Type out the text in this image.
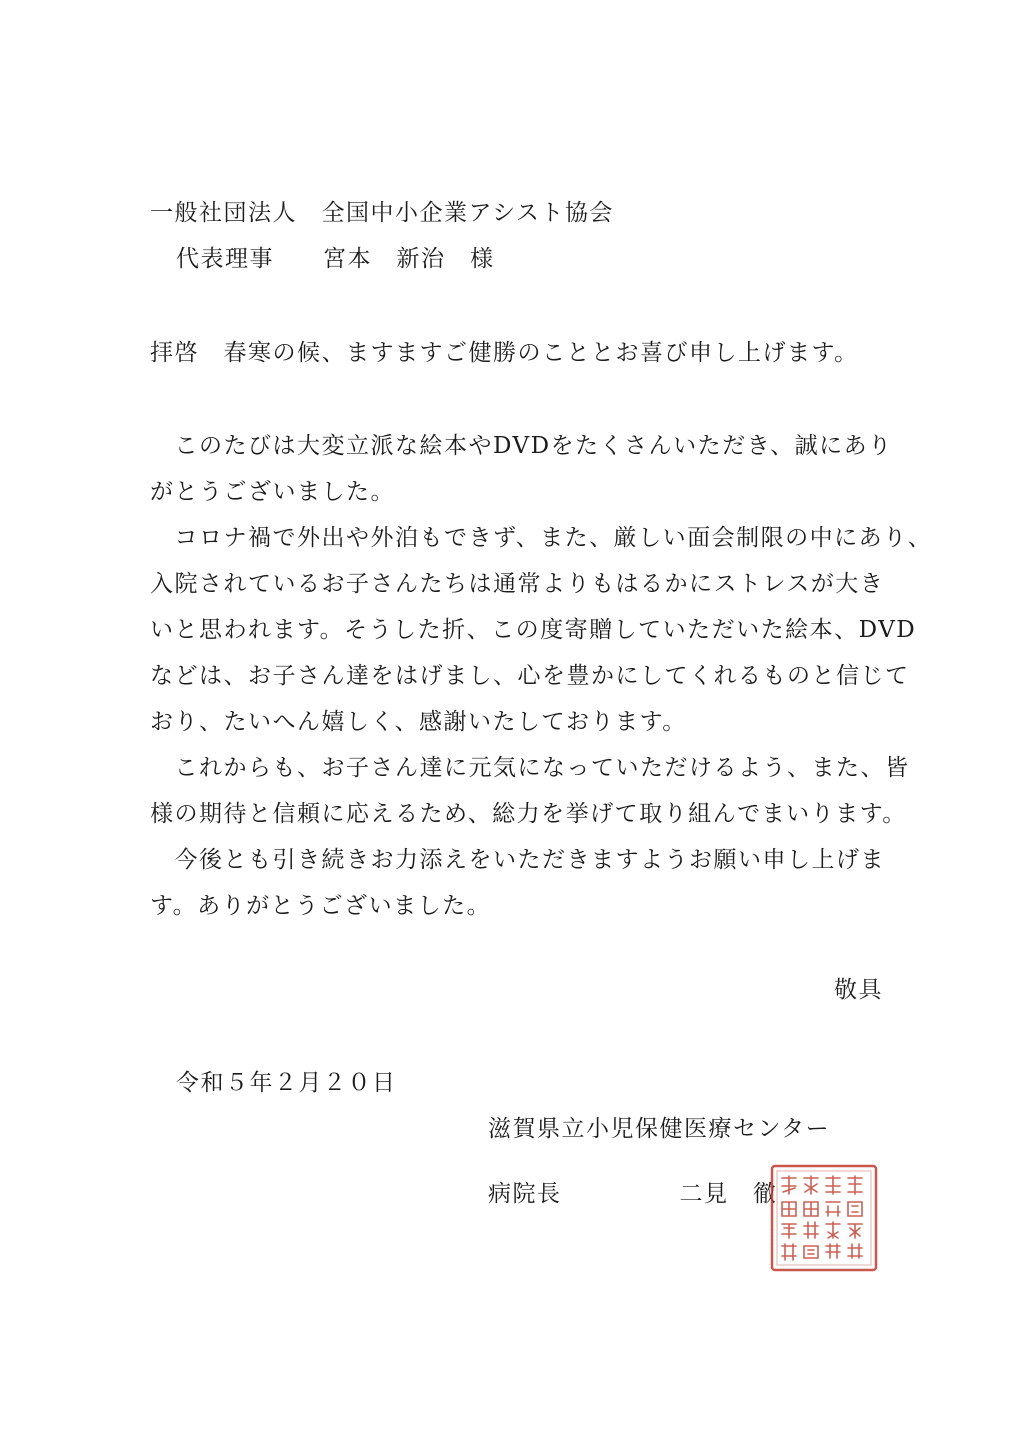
一般社団法人　全国中小企業アシスト協会
代表理事　　宮本　新治　様
拝啓　春寒の候、ますますご健勝のこととお喜び申し上げます。
　このたびは大変立派な絵本やDVDをたくさんいただき、誠にあり
がとうございました。
　コロナ禍で外出や外泊もできず、また、厳しい面会制限の中にあり、
入院されているお子さんたちは通常よりもはるかにストレスが大き
いと思われます。そうした折、この度寄贈していただいた絵本、DVD
などは、お子さん達をはげまし、心を豊かにしてくれるものと信じて
おり、たいへん嬉しく、感謝いたしております。
　これからも、お子さん達に元気になっていただけるよう、また、皆
様の期待と信頼に応えるため、総力を挙げて取り組んでまいります。
　今後とも引き続きお力添えをいただきますようお願い申し上げま
す。ありがとうございました。
敬具
令和５年２月２０日
滋賀県立小児保健医療センター
病院長	二見　徹
